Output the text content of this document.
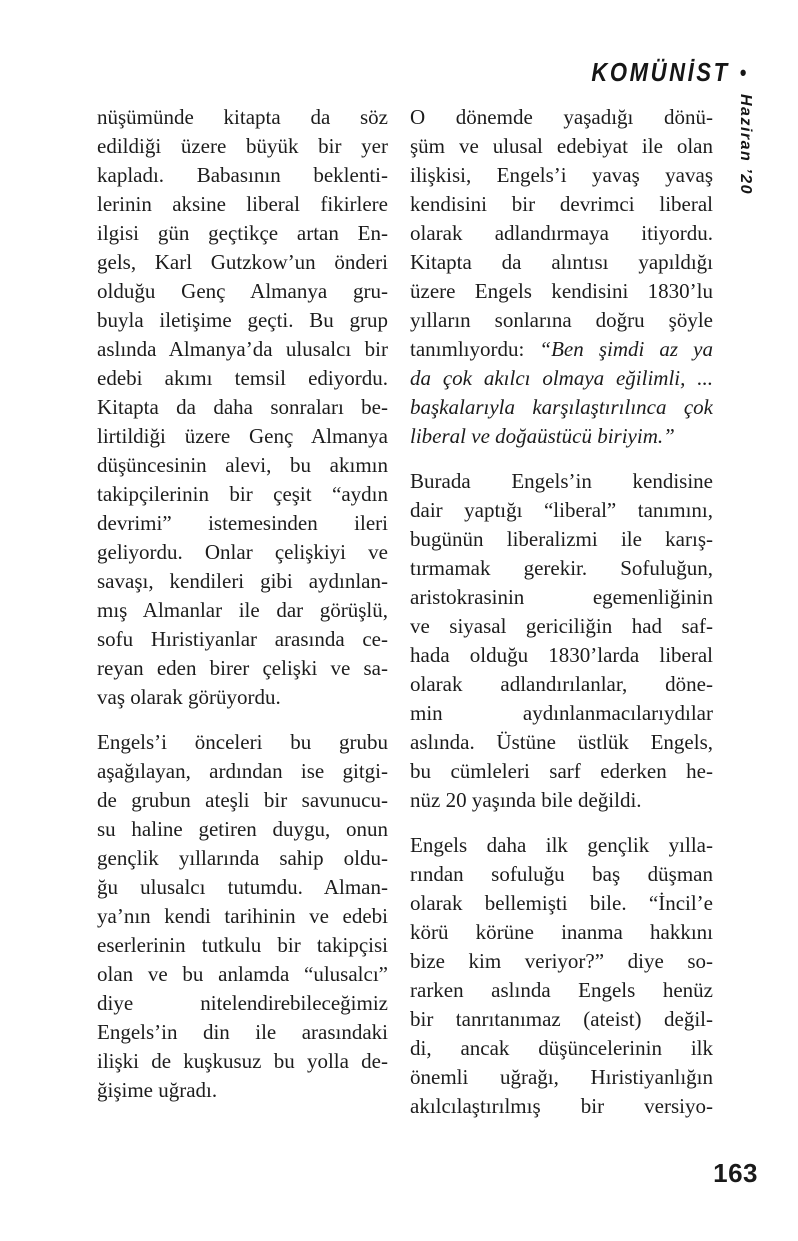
KOMÜNİST •
Haziran ’20
nüşümünde kitapta da söz
edildiği üzere büyük bir yer
kapladı. Babasının beklenti-
lerinin aksine liberal fikirlere
ilgisi gün geçtikçe artan En-
gels, Karl Gutzkow’un önderi
olduğu Genç Almanya gru-
buyla iletişime geçti. Bu grup
aslında Almanya’da ulusalcı bir
edebi akımı temsil ediyordu.
Kitapta da daha sonraları be-
lirtildiği üzere Genç Almanya
düşüncesinin alevi, bu akımın
takipçilerinin bir çeşit “aydın
devrimi” istemesinden ileri
geliyordu. Onlar çelişkiyi ve
savaşı, kendileri gibi aydınlan-
mış Almanlar ile dar görüşlü,
sofu Hıristiyanlar arasında ce-
reyan eden birer çelişki ve sa-
vaş olarak görüyordu.
Engels’i önceleri bu grubu
aşağılayan, ardından ise gitgi-
de grubun ateşli bir savunucu-
su haline getiren duygu, onun
gençlik yıllarında sahip oldu-
ğu ulusalcı tutumdu. Alman-
ya’nın kendi tarihinin ve edebi
eserlerinin tutkulu bir takipçisi
olan ve bu anlamda “ulusalcı”
diye nitelendirebileceğimiz
Engels’in din ile arasındaki
ilişki de kuşkusuz bu yolla de-
ğişime uğradı.
O dönemde yaşadığı dönü-
şüm ve ulusal edebiyat ile olan
ilişkisi, Engels’i yavaş yavaş
kendisini bir devrimci liberal
olarak adlandırmaya itiyordu.
Kitapta da alıntısı yapıldığı
üzere Engels kendisini 1830’lu
yılların sonlarına doğru şöyle
tanımlıyordu: “Ben şimdi az ya
da çok akılcı olmaya eğilimli, ...
başkalarıyla karşılaştırılınca çok
liberal ve doğaüstücü biriyim.”
Burada Engels’in kendisine
dair yaptığı “liberal” tanımını,
bugünün liberalizmi ile karış-
tırmamak gerekir. Sofuluğun,
aristokrasinin egemenliğinin
ve siyasal gericiliğin had saf-
hada olduğu 1830’larda liberal
olarak adlandırılanlar, döne-
min aydınlanmacılarıydılar
aslında. Üstüne üstlük Engels,
bu cümleleri sarf ederken he-
nüz 20 yaşında bile değildi.
Engels daha ilk gençlik yılla-
rından sofuluğu baş düşman
olarak bellemişti bile. “İncil’e
körü körüne inanma hakkını
bize kim veriyor?” diye so-
rarken aslında Engels henüz
bir tanrıtanımaz (ateist) değil-
di, ancak düşüncelerinin ilk
önemli uğrağı, Hıristiyanlığın
akılcılaştırılmış bir versiyo-
163
